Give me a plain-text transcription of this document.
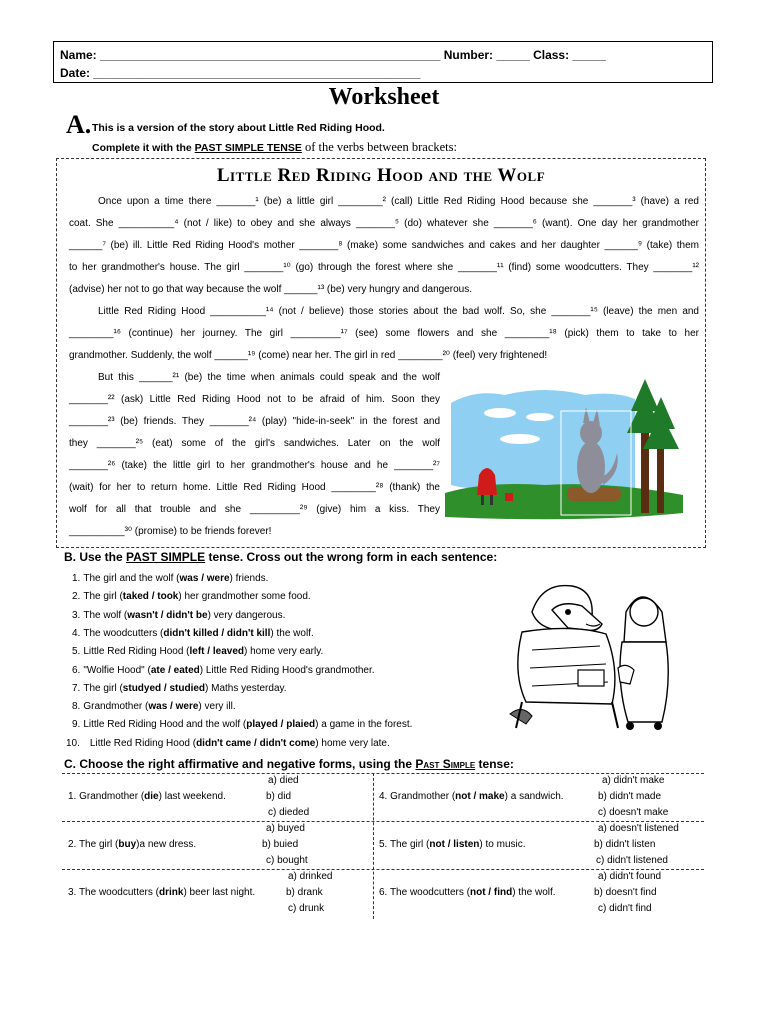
Name: ___________________________________________________ Number: _____ Class: _____
Date: _________________________________________________
Worksheet
A. This is a version of the story about Little Red Riding Hood.
Complete it with the PAST SIMPLE TENSE of the verbs between brackets:
Little Red Riding Hood and the Wolf
Once upon a time there _______¹ (be) a little girl ________² (call) Little Red Riding Hood because she _______³ (have) a red
coat. She __________⁴ (not / like) to obey and she always _______⁵ (do) whatever she _______⁶ (want). One day her grandmother
______⁷ (be) ill. Little Red Riding Hood's mother _______⁸ (make) some sandwiches and cakes and her daughter ______⁹ (take) them
to her grandmother's house. The girl _______¹⁰ (go) through the forest where she _______¹¹ (find) some woodcutters. They _______¹²
(advise) her not to go that way because the wolf ______¹³ (be) very hungry and dangerous.
Little Red Riding Hood __________¹⁴ (not / believe) those stories about the bad wolf. So, she _______¹⁵ (leave) the men and
________¹⁶ (continue) her journey. The girl _________¹⁷ (see) some flowers and she ________¹⁸ (pick) them to take to her
grandmother. Suddenly, the wolf ______¹⁹ (come) near her. The girl in red ________²⁰ (feel) very frightened!
But this ______²¹ (be) the time when animals could speak and the wolf
_______²² (ask) Little Red Riding Hood not to be afraid of him. Soon they
_______²³ (be) friends. They _______²⁴ (play) "hide-in-seek" in the forest and
they _______²⁵ (eat) some of the girl's sandwiches. Later on the wolf
_______²⁶ (take) the little girl to her grandmother's house and he _______²⁷
(wait) for her to return home. Little Red Riding Hood ________²⁸ (thank) the
wolf for all that trouble and she _________²⁹ (give) him a kiss. They
__________³⁰ (promise) to be friends forever!
B. Use the PAST SIMPLE tense. Cross out the wrong form in each sentence:
1. The girl and the wolf (was / were) friends.
2. The girl (taked / took) her grandmother some food.
3. The wolf (wasn't / didn't be) very dangerous.
4. The woodcutters (didn't killed / didn't kill) the wolf.
5. Little Red Riding Hood (left / leaved) home very early.
6. "Wolfie Hood" (ate / eated) Little Red Riding Hood's grandmother.
7. The girl (studyed / studied) Maths yesterday.
8. Grandmother (was / were) very ill.
9. Little Red Riding Hood and the wolf (played / plaied) a game in the forest.
10. Little Red Riding Hood (didn't came / didn't come) home very late.
C. Choose the right affirmative and negative forms, using the Past Simple tense:
1. Grandmother (die) last weekend.
a) died
b) did
c) dieded
4. Grandmother (not / make) a sandwich.
a) didn't make
b) didn't made
c) doesn't make
2. The girl (buy)a new dress.
a) buyed
b) buied
c) bought
5. The girl (not / listen) to music.
a) doesn't listened
b) didn't listen
c) didn't listened
3. The woodcutters (drink) beer last night.
a) drinked
b) drank
c) drunk
6. The woodcutters (not / find) the wolf.
a) didn't found
b) doesn't find
c) didn't find
